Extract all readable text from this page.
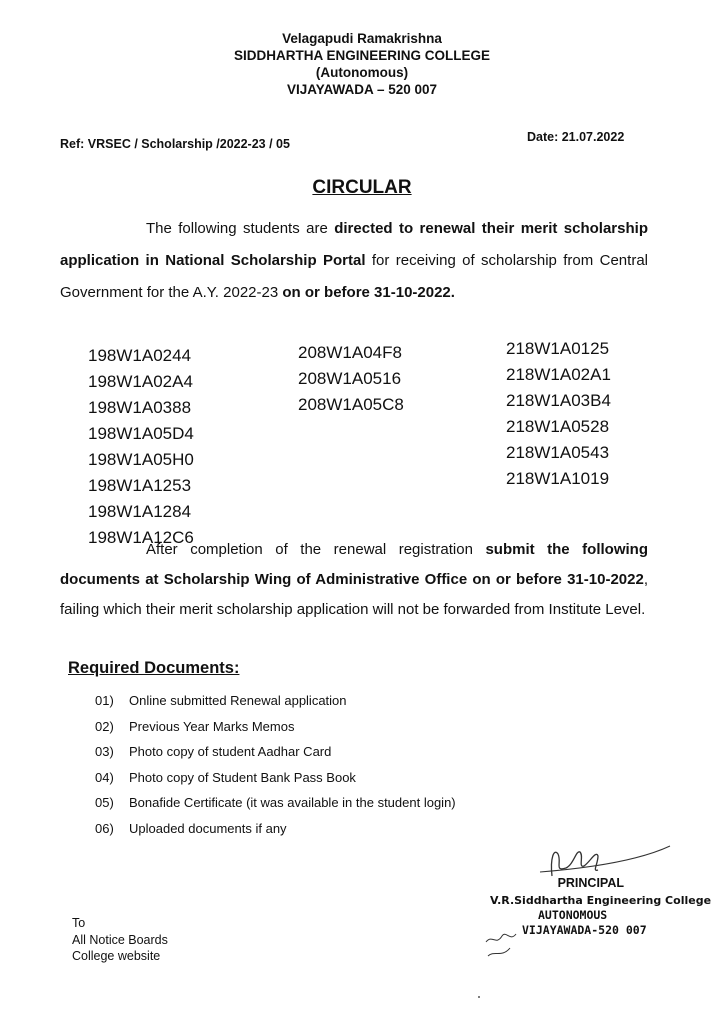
Velagapudi Ramakrishna
SIDDHARTHA ENGINEERING COLLEGE
(Autonomous)
VIJAYAWADA – 520 007
Ref: VRSEC / Scholarship /2022-23 / 05	Date: 21.07.2022
CIRCULAR

The following students are directed to renewal their merit scholarship application in National Scholarship Portal for receiving of scholarship from Central Government for the A.Y. 2022-23 on or before 31-10-2022.

198W1A0244
198W1A02A4
198W1A0388
198W1A05D4
198W1A05H0
198W1A1253
198W1A1284
198W1A12C6
208W1A04F8
208W1A0516
208W1A05C8
218W1A0125
218W1A02A1
218W1A03B4
218W1A0528
218W1A0543
218W1A1019

After completion of the renewal registration submit the following documents at Scholarship Wing of Administrative Office on or before 31-10-2022, failing which their merit scholarship application will not be forwarded from Institute Level.

Required Documents:
01) Online submitted Renewal application
02) Previous Year Marks Memos
03) Photo copy of student Aadhar Card
04) Photo copy of Student Bank Pass Book
05) Bonafide Certificate (it was available in the student login)
06) Uploaded documents if any
PRINCIPAL
V.R.Siddhartha Engineering College
AUTONOMOUS
VIJAYAWADA-520 007
To
All Notice Boards
College website
